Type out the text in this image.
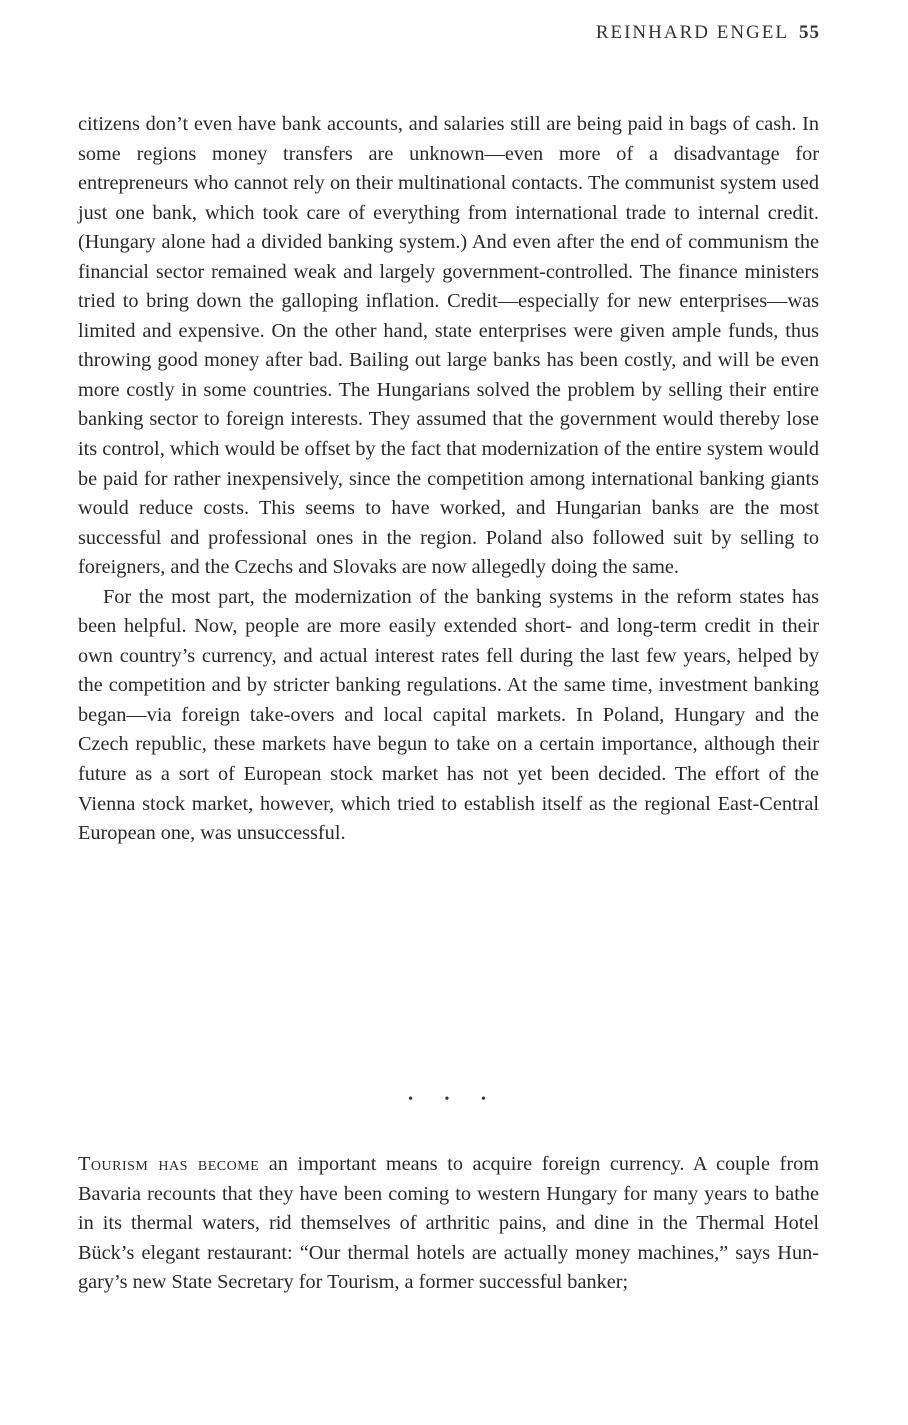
REINHARD ENGEL 55

citizens don’t even have bank accounts, and salaries still are being paid in bags of cash. In some regions money transfers are unknown—even more of a disadvantage for entrepreneurs who cannot rely on their multinational contacts. The communist system used just one bank, which took care of everything from international trade to internal credit. (Hungary alone had a divided banking system.) And even after the end of communism the financial sector remained weak and largely government-controlled. The finance ministers tried to bring down the galloping inflation. Credit—especially for new enterprises—was limited and expensive. On the other hand, state enterprises were given ample funds, thus throwing good money after bad. Bailing out large banks has been costly, and will be even more costly in some countries. The Hungarians solved the problem by selling their entire banking sector to foreign interests. They assumed that the government would thereby lose its control, which would be offset by the fact that modernization of the entire system would be paid for rather inexpensively, since the competition among international banking giants would reduce costs. This seems to have worked, and Hungarian banks are the most successful and professional ones in the region. Poland also followed suit by selling to foreigners, and the Czechs and Slovaks are now allegedly doing the same.

For the most part, the modernization of the banking systems in the reform states has been helpful. Now, people are more easily extended short- and long-term credit in their own country’s currency, and actual interest rates fell during the last few years, helped by the competition and by stricter banking regulations. At the same time, investment banking began—via foreign take-overs and local capital markets. In Poland, Hungary and the Czech republic, these markets have begun to take on a certain importance, although their future as a sort of European stock market has not yet been decided. The effort of the Vienna stock market, however, which tried to establish itself as the regional East-Central European one, was unsuccessful.

• • •

Tourism has become an important means to acquire foreign currency. A couple from Bavaria recounts that they have been coming to western Hungary for many years to bathe in its thermal waters, rid themselves of arthritic pains, and dine in the Thermal Hotel Bück’s elegant restaurant: “Our thermal hotels are actually money machines,” says Hungary’s new State Secretary for Tourism, a former successful banker;
